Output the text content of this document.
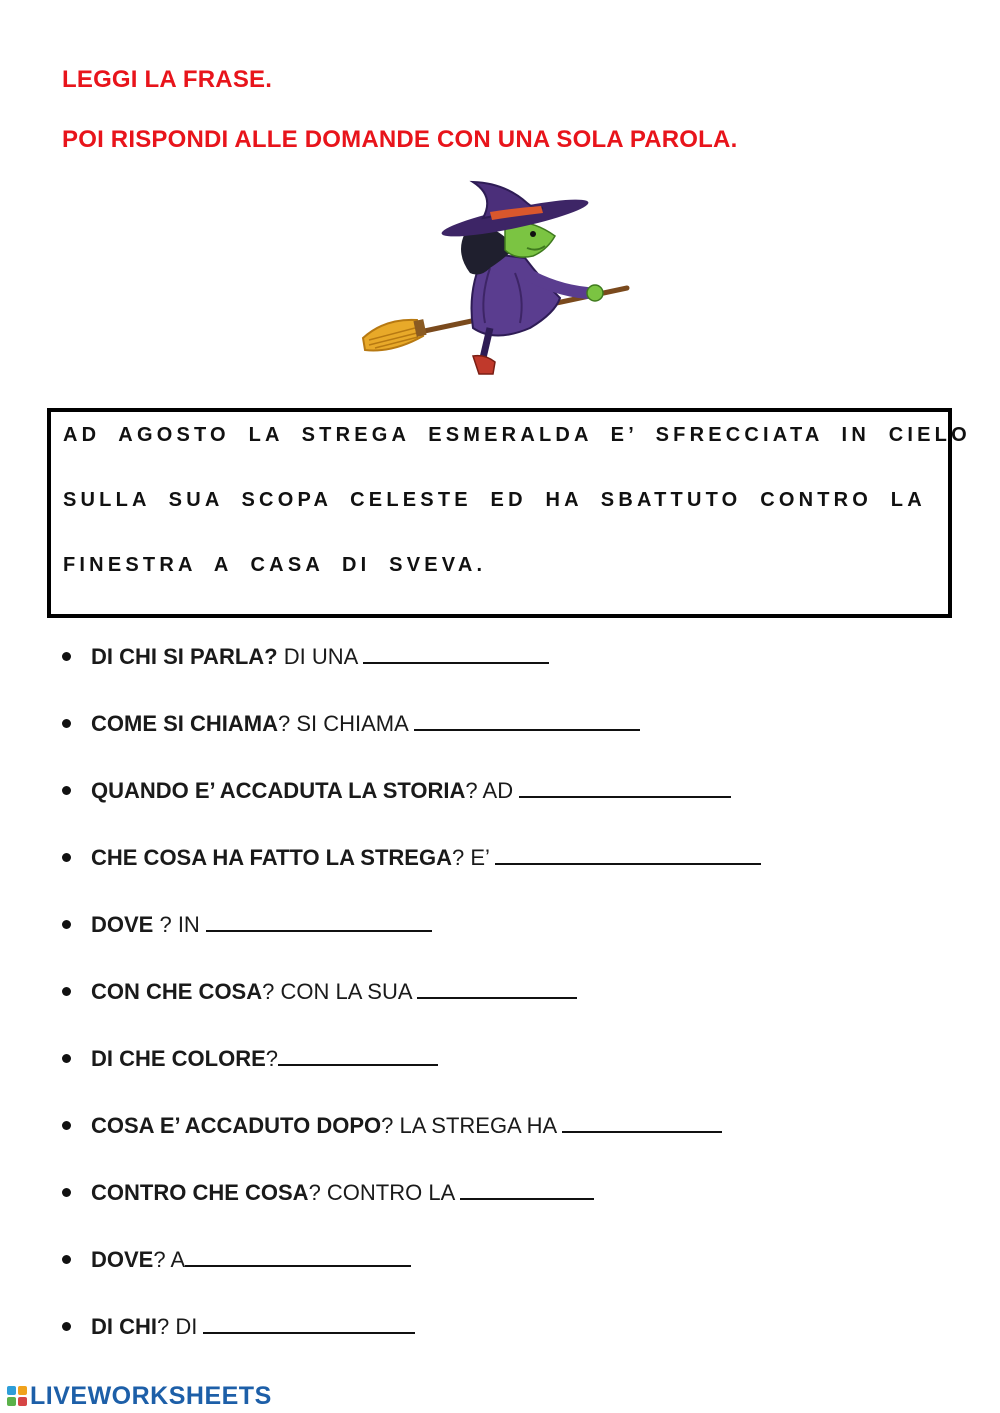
LEGGI LA FRASE.

POI RISPONDI ALLE DOMANDE CON UNA SOLA PAROLA.

AD AGOSTO LA STREGA ESMERALDA E’ SFRECCIATA IN CIELO

SULLA SUA SCOPA CELESTE ED HA SBATTUTO CONTRO LA

FINESTRA A CASA DI SVEVA.

DI CHI SI PARLA? DI UNA
COME SI CHIAMA? SI CHIAMA
QUANDO E’ ACCADUTA LA STORIA? AD
CHE COSA HA FATTO LA STREGA? E’
DOVE ? IN
CON CHE COSA? CON LA SUA
DI CHE COLORE?
COSA E’ ACCADUTO DOPO? LA STREGA HA
CONTRO CHE COSA? CONTRO LA
DOVE? A
DI CHI? DI
LIVEWORKSHEETS
